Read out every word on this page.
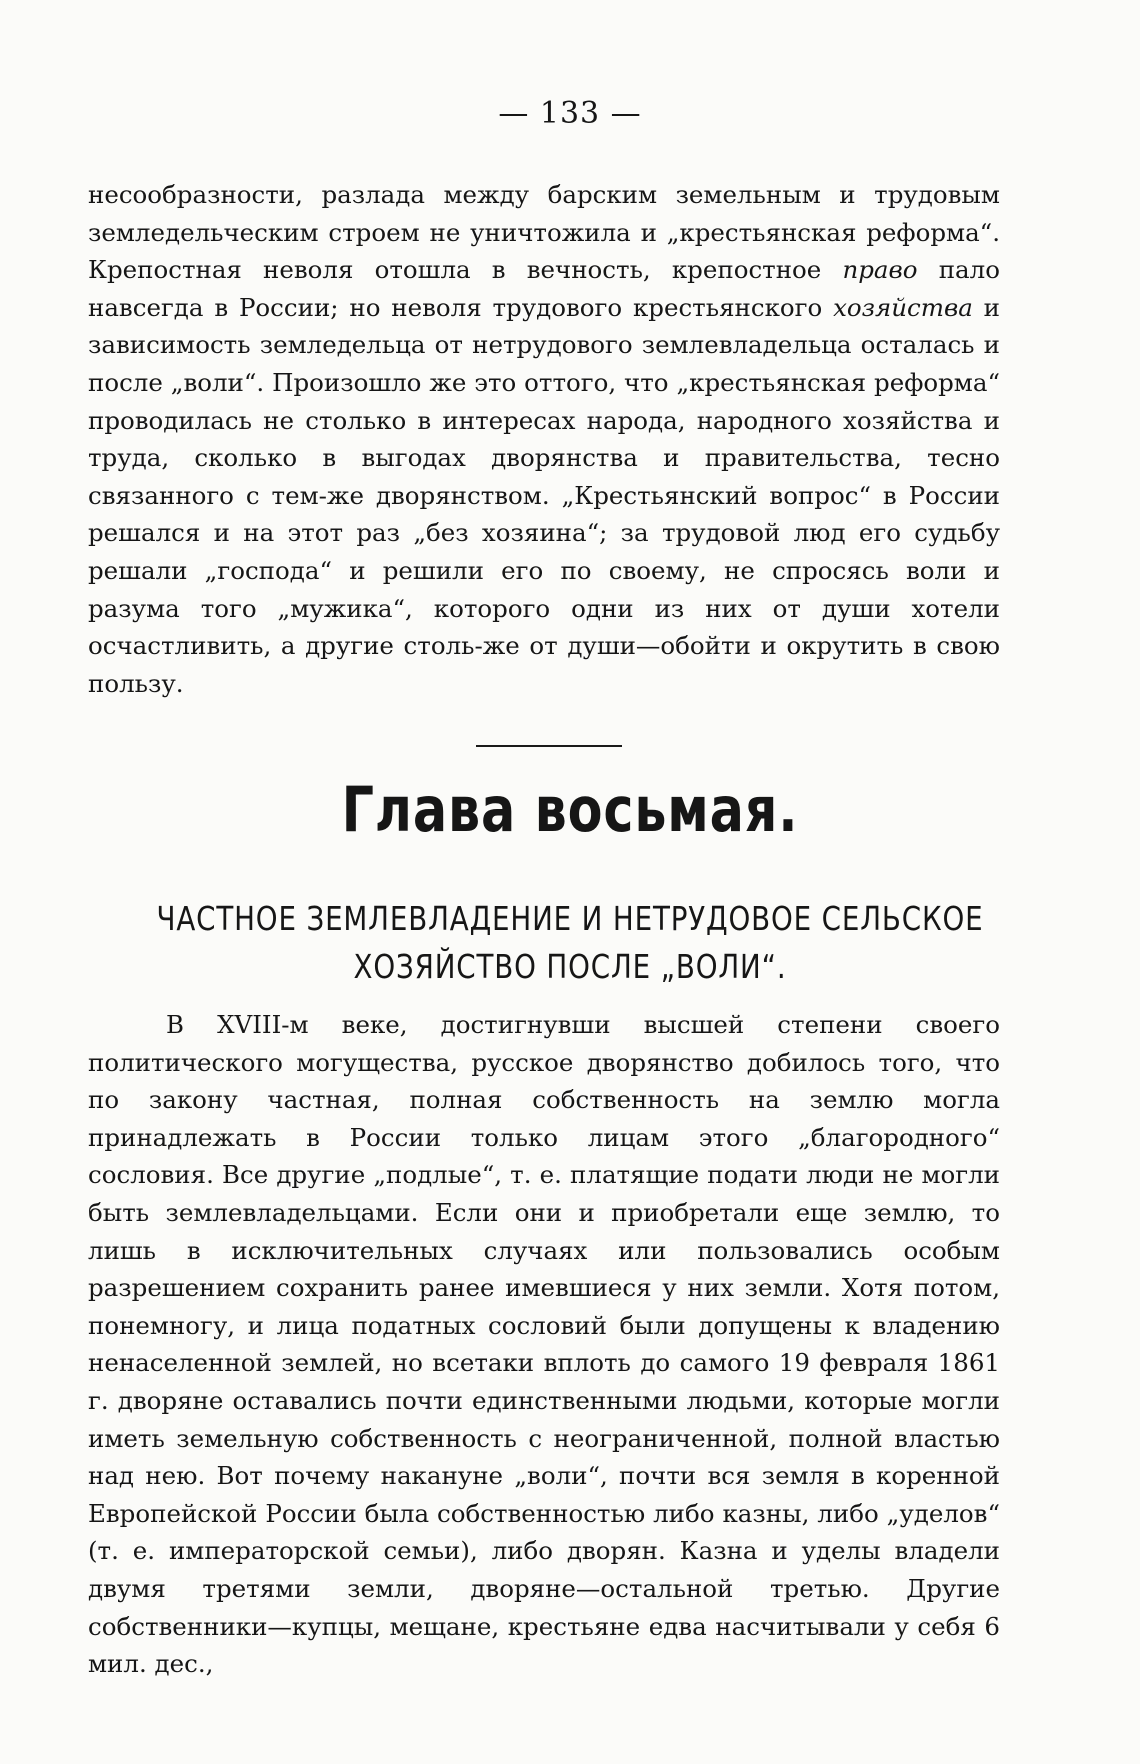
— 133 —

несообразности, разлада между барским земельным и трудовым земледельческим строем не уничтожила и „крестьянская реформа“. Крепостная неволя отошла в вечность, крепостное право пало навсегда в России; но неволя трудового крестьянского хозяйства и зависимость земледельца от нетрудового землевладельца осталась и после „воли“. Произошло же это оттого, что „крестьянская реформа“ проводилась не столько в интересах народа, народного хозяйства и труда, сколько в выгодах дворянства и правительства, тесно связанного с тем-же дворянством. „Крестьянский вопрос“ в России решался и на этот раз „без хозяина“; за трудовой люд его судьбу решали „господа“ и решили его по своему, не спросясь воли и разума того „мужика“, которого одни из них от души хотели осчастливить, а другие столь-же от души—обойти и окрутить в свою пользу.

Глава восьмая.
ЧАСТНОЕ ЗЕМЛЕВЛАДЕНИЕ И НЕТРУДОВОЕ СЕЛЬСКОЕ ХОЗЯЙСТВО ПОСЛЕ „ВОЛИ“.

В XVIII-м веке, достигнувши высшей степени своего политического могущества, русское дворянство добилось того, что по закону частная, полная собственность на землю могла принадлежать в России только лицам этого „благородного“ сословия. Все другие „подлые“, т. е. платящие подати люди не могли быть землевладельцами. Если они и приобретали еще землю, то лишь в исключительных случаях или пользовались особым разрешением сохранить ранее имевшиеся у них земли. Хотя потом, понемногу, и лица податных сословий были допущены к владению ненаселенной землей, но всетаки вплоть до самого 19 февраля 1861 г. дворяне оставались почти единственными людьми, которые могли иметь земельную собственность с неограниченной, полной властью над нею. Вот почему накануне „воли“, почти вся земля в коренной Европейской России была собственностью либо казны, либо „уделов“ (т. е. императорской семьи), либо дворян. Казна и уделы владели двумя третями земли, дворяне—остальной третью. Другие собственники—купцы, мещане, крестьяне едва насчитывали у себя 6 мил. дес.,
